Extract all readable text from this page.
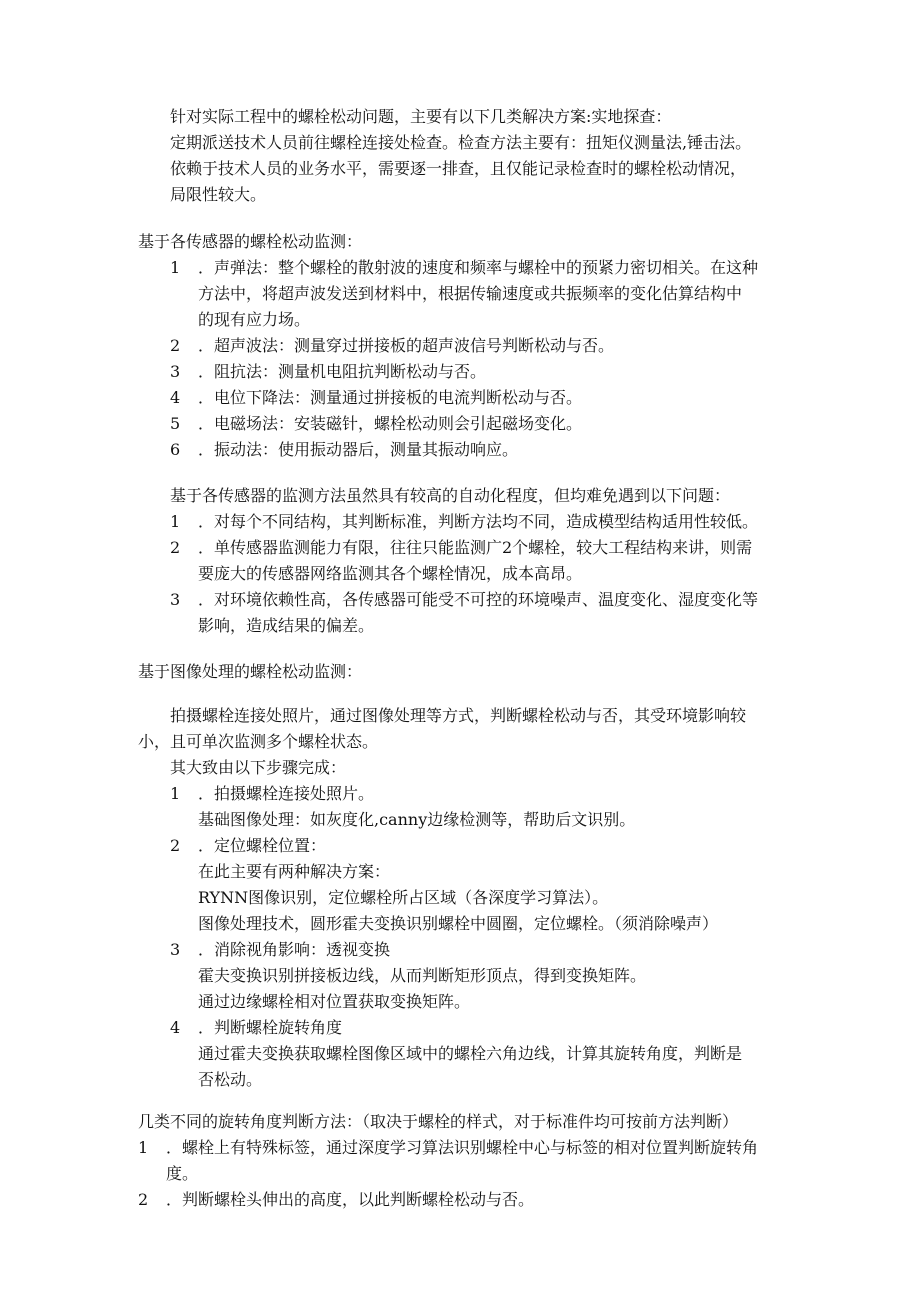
针对实际工程中的螺栓松动问题，主要有以下几类解决方案:实地探查：

定期派送技术人员前往螺栓连接处检查。检查方法主要有：扭矩仪测量法,锤击法。

依赖于技术人员的业务水平，需要逐一排查，且仅能记录检查时的螺栓松动情况，

局限性较大。

基于各传感器的螺栓松动监测：

1 ．声弹法：整个螺栓的散射波的速度和频率与螺栓中的预紧力密切相关。在这种

方法中，将超声波发送到材料中，根据传输速度或共振频率的变化估算结构中

的现有应力场。

2 ．超声波法：测量穿过拼接板的超声波信号判断松动与否。

3 ．阻抗法：测量机电阻抗判断松动与否。

4 ．电位下降法：测量通过拼接板的电流判断松动与否。

5 ．电磁场法：安装磁针，螺栓松动则会引起磁场变化。

6 ．振动法：使用振动器后，测量其振动响应。

基于各传感器的监测方法虽然具有较高的自动化程度，但均难免遇到以下问题：

1 ．对每个不同结构，其判断标准，判断方法均不同，造成模型结构适用性较低。

2 ．单传感器监测能力有限，往往只能监测广2个螺栓，较大工程结构来讲，则需

要庞大的传感器网络监测其各个螺栓情况，成本高昂。

3 ．对环境依赖性高，各传感器可能受不可控的环境噪声、温度变化、湿度变化等

影响，造成结果的偏差。

基于图像处理的螺栓松动监测：

拍摄螺栓连接处照片，通过图像处理等方式，判断螺栓松动与否，其受环境影响较

小，且可单次监测多个螺栓状态。

其大致由以下步骤完成：

1 ．拍摄螺栓连接处照片。

基础图像处理：如灰度化,canny边缘检测等，帮助后文识别。

2 ．定位螺栓位置：

在此主要有两种解决方案：

RYNN图像识别，定位螺栓所占区域（各深度学习算法）。

图像处理技术，圆形霍夫变换识别螺栓中圆圈，定位螺栓。（须消除噪声）

3 ．消除视角影响：透视变换

霍夫变换识别拼接板边线，从而判断矩形顶点，得到变换矩阵。

通过边缘螺栓相对位置获取变换矩阵。

4 ．判断螺栓旋转角度

通过霍夫变换获取螺栓图像区域中的螺栓六角边线，计算其旋转角度，判断是

否松动。

几类不同的旋转角度判断方法：（取决于螺栓的样式，对于标准件均可按前方法判断）

1 ．螺栓上有特殊标签，通过深度学习算法识别螺栓中心与标签的相对位置判断旋转角

度。

2 ．判断螺栓头伸出的高度，以此判断螺栓松动与否。
